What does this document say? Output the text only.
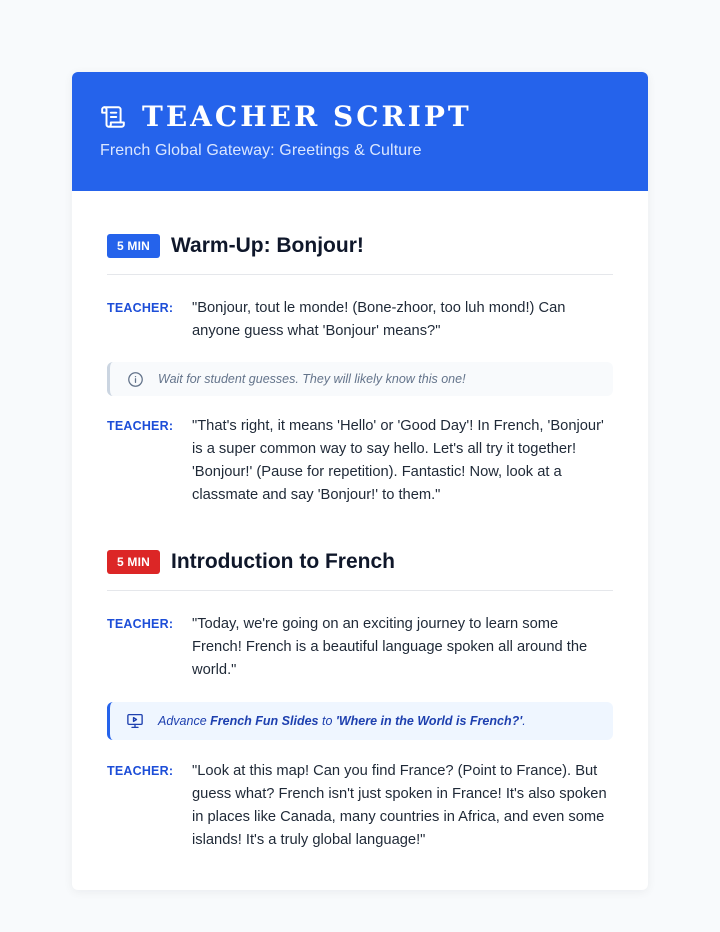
TEACHER SCRIPT
French Global Gateway: Greetings & Culture
5 MIN	Warm-Up: Bonjour!
TEACHER:	"Bonjour, tout le monde! (Bone-zhoor, too luh mond!) Can anyone guess what 'Bonjour' means?"
Wait for student guesses. They will likely know this one!
TEACHER:	"That's right, it means 'Hello' or 'Good Day'! In French, 'Bonjour' is a super common way to say hello. Let's all try it together! 'Bonjour!' (Pause for repetition). Fantastic! Now, look at a classmate and say 'Bonjour!' to them."
5 MIN	Introduction to French
TEACHER:	"Today, we're going on an exciting journey to learn some French! French is a beautiful language spoken all around the world."
Advance French Fun Slides to 'Where in the World is French?'.
TEACHER:	"Look at this map! Can you find France? (Point to France). But guess what? French isn't just spoken in France! It's also spoken in places like Canada, many countries in Africa, and even some islands! It's a truly global language!"
